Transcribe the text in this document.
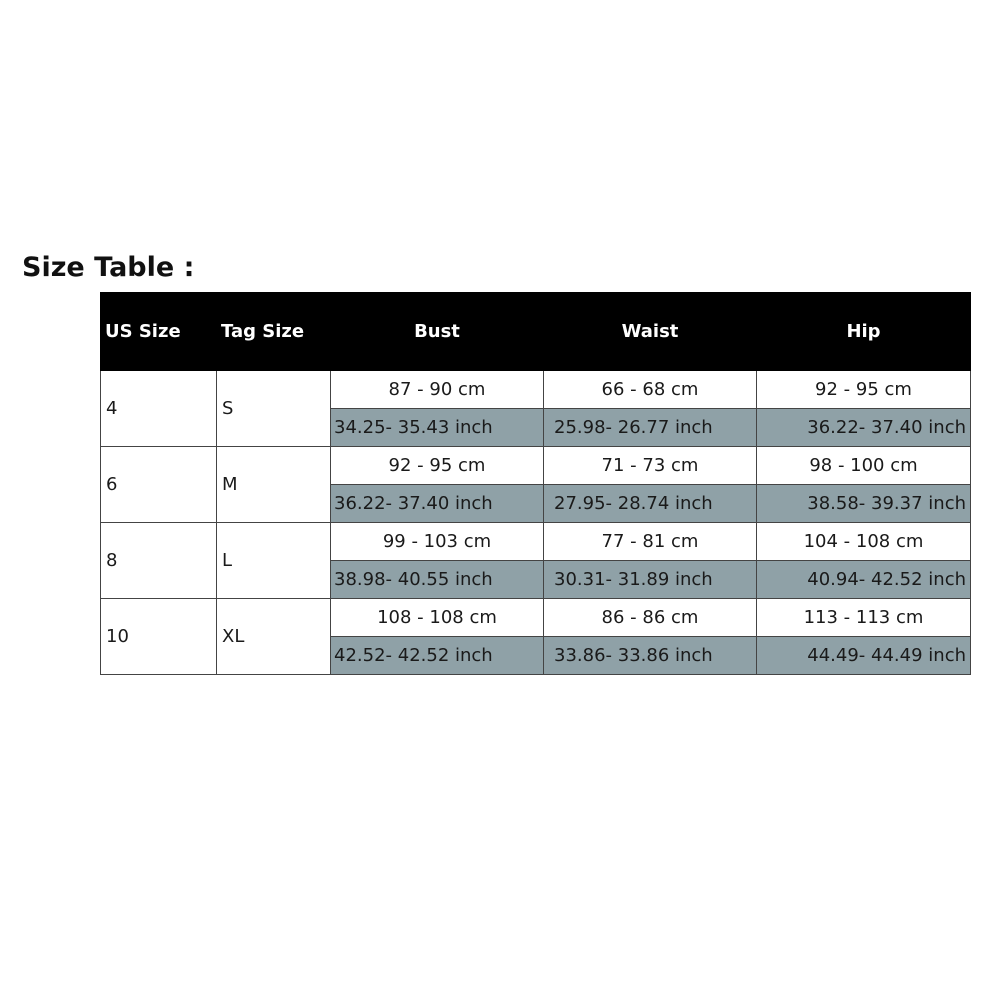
Size Table :
US Size	Tag Size	Bust	Waist	Hip
4	S	87 - 90 cm	66 - 68 cm	92 - 95 cm
		34.25- 35.43 inch	25.98- 26.77 inch	36.22- 37.40 inch
6	M	92 - 95 cm	71 - 73 cm	98 - 100 cm
		36.22- 37.40 inch	27.95- 28.74 inch	38.58- 39.37 inch
8	L	99 - 103 cm	77 - 81 cm	104 - 108 cm
		38.98- 40.55 inch	30.31- 31.89 inch	40.94- 42.52 inch
10	XL	108 - 108 cm	86 - 86 cm	113 - 113 cm
		42.52- 42.52 inch	33.86- 33.86 inch	44.49- 44.49 inch
